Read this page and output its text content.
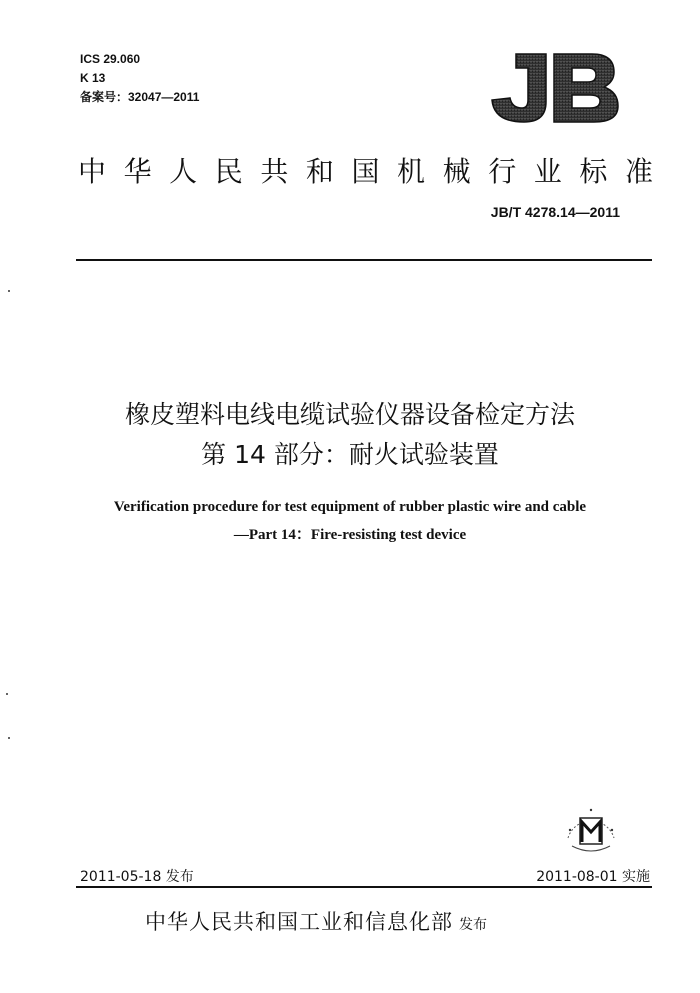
ICS 29.060
K 13
备案号：32047—2011
中 华 人 民 共 和 国 机 械 行 业 标 准
JB/T 4278.14—2011
橡皮塑料电线电缆试验仪器设备检定方法
第 14 部分：耐火试验装置
Verification procedure for test equipment of rubber plastic wire and cable
—Part 14：Fire-resisting test device
2011-05-18 发布	2011-08-01 实施
中华人民共和国工业和信息化部 发布
